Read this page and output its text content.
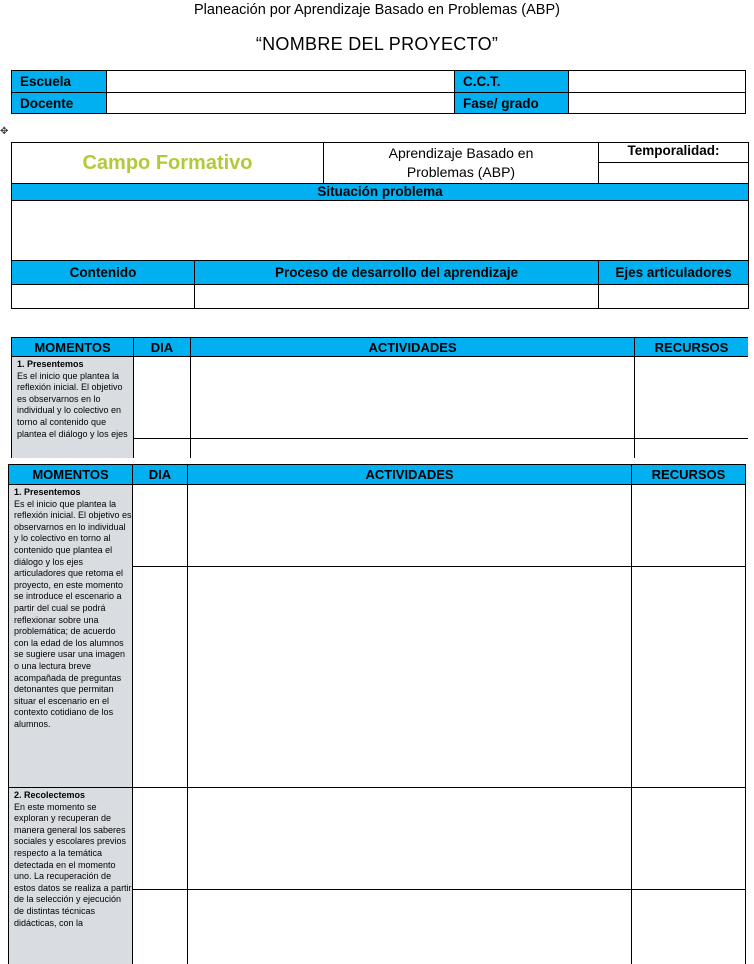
Planeación por Aprendizaje Basado en Problemas (ABP)
“NOMBRE DEL PROYECTO”
Escuela		C.C.T.	
Docente		Fase/ grado	
✥
Campo Formativo		Aprendizaje Basado en Problemas (ABP)	Temporalidad:

Situación problema			

Contenido	Proceso de desarrollo del aprendizaje		Ejes articuladores

MOMENTOS	DIA	ACTIVIDADES	RECURSOS

1. Presentemos
Es el inicio que plantea la reflexión inicial. El objetivo es observarnos en lo individual y lo colectivo en torno al contenido que plantea el diálogo y los ejes			

MOMENTOS	DIA	ACTIVIDADES	RECURSOS

1. Presentemos
Es el inicio que plantea la reflexión inicial. El objetivo es observarnos en lo individual y lo colectivo en torno al contenido que plantea el diálogo y los ejes articuladores que retoma el proyecto, en este momento se introduce el escenario a partir del cual se podrá reflexionar sobre una problemática; de acuerdo con la edad de los alumnos se sugiere usar una imagen o una lectura breve acompañada de preguntas detonantes que permitan situar el escenario en el contexto cotidiano de los alumnos.			

2. Recolectemos
En este momento se exploran y recuperan de manera general los saberes sociales y escolares previos respecto a la temática detectada en el momento uno. La recuperación de estos datos se realiza a partir de la selección y ejecución de distintas técnicas didácticas, con la			
